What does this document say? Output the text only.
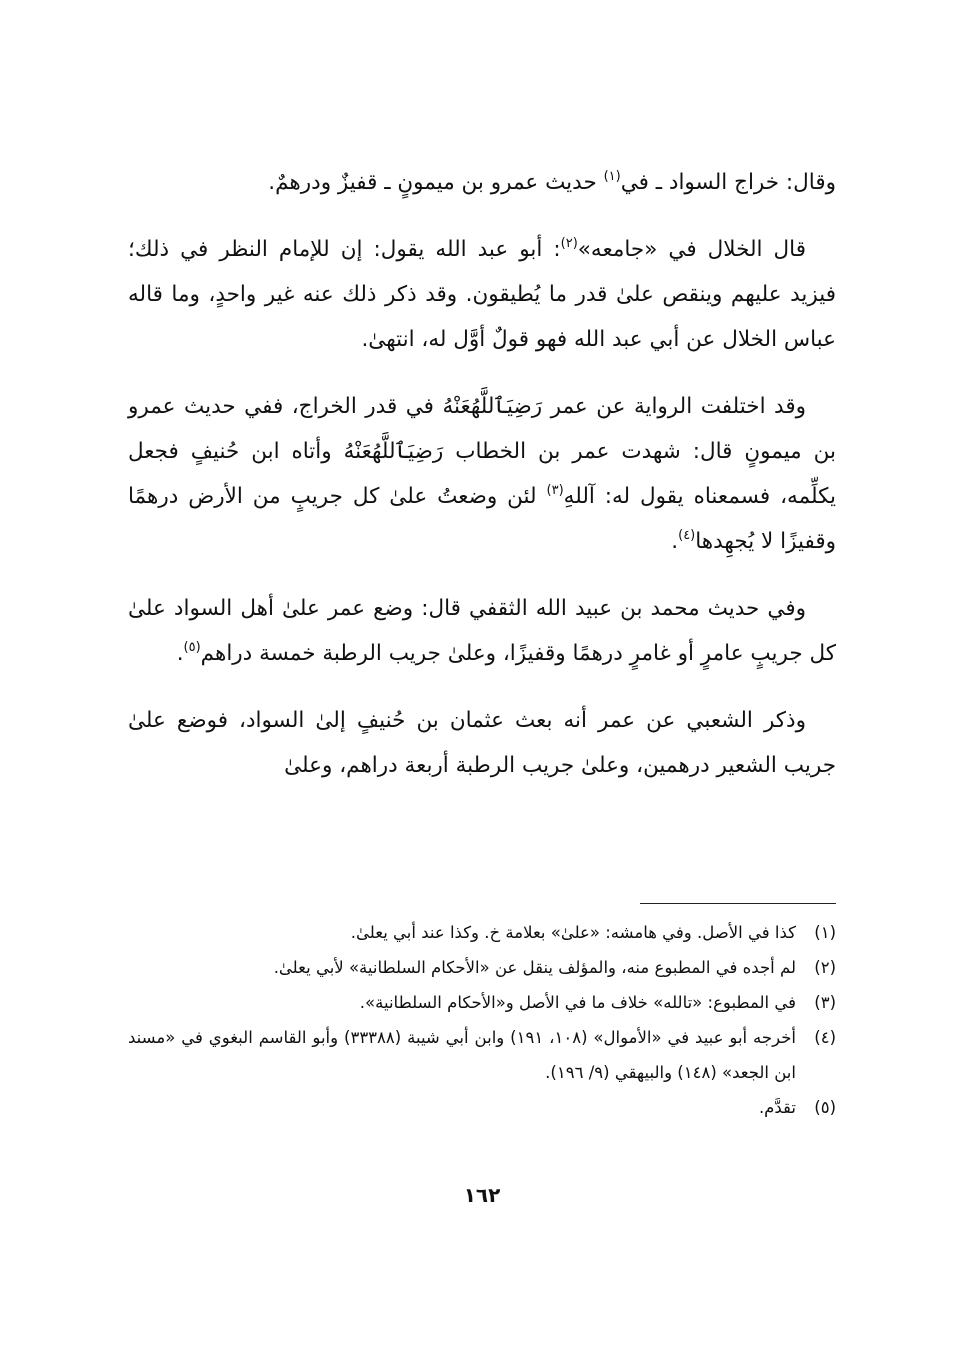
وقال: خراج السواد ـ في$^{(١)}$ حديث عمرو بن ميمونٍ ـ قفيزٌ ودرهمٌ.

قال الخلال في «جامعه»$^{(٢)}$: أبو عبد الله يقول: إن للإمام النظر في ذلك؛ فيزيد عليهم وينقص علىٰ قدر ما يُطيقون. وقد ذكر ذلك عنه غير واحدٍ، وما قاله عباس الخلال عن أبي عبد الله فهو قولٌ أوَّل له، انتهىٰ.

وقد اختلفت الرواية عن عمر رَضِيَٱللَّهُعَنْهُ في قدر الخراج، ففي حديث عمرو بن ميمونٍ قال: شهدت عمر بن الخطاب رَضِيَٱللَّهُعَنْهُ وأتاه ابن حُنيفٍ فجعل يكلِّمه، فسمعناه يقول له: آللهِ$^{(٣)}$ لئن وضعتُ علىٰ كل جريبٍ من الأرض درهمًا وقفيزًا لا يُجهِدها$^{(٤)}$.

وفي حديث محمد بن عبيد الله الثقفي قال: وضع عمر علىٰ أهل السواد علىٰ كل جريبٍ عامرٍ أو غامرٍ درهمًا وقفيزًا، وعلىٰ جريب الرطبة خمسة دراهم$^{(٥)}$.

وذكر الشعبي عن عمر أنه بعث عثمان بن حُنيفٍ إلىٰ السواد، فوضع علىٰ جريب الشعير درهمين، وعلىٰ جريب الرطبة أربعة دراهم، وعلىٰ

(١)
كذا في الأصل. وفي هامشه: «علىٰ» بعلامة خ. وكذا عند أبي يعلىٰ.
(٢)
لم أجده في المطبوع منه، والمؤلف ينقل عن «الأحكام السلطانية» لأبي يعلىٰ.
(٣)
في المطبوع: «تالله» خلاف ما في الأصل و«الأحكام السلطانية».
(٤)
أخرجه أبو عبيد في «الأموال» (١٠٨، ١٩١) وابن أبي شيبة (٣٣٣٨٨) وأبو القاسم البغوي في «مسند ابن الجعد» (١٤٨) والبيهقي (٩/ ١٩٦).
(٥)
تقدَّم.
١٦٢
